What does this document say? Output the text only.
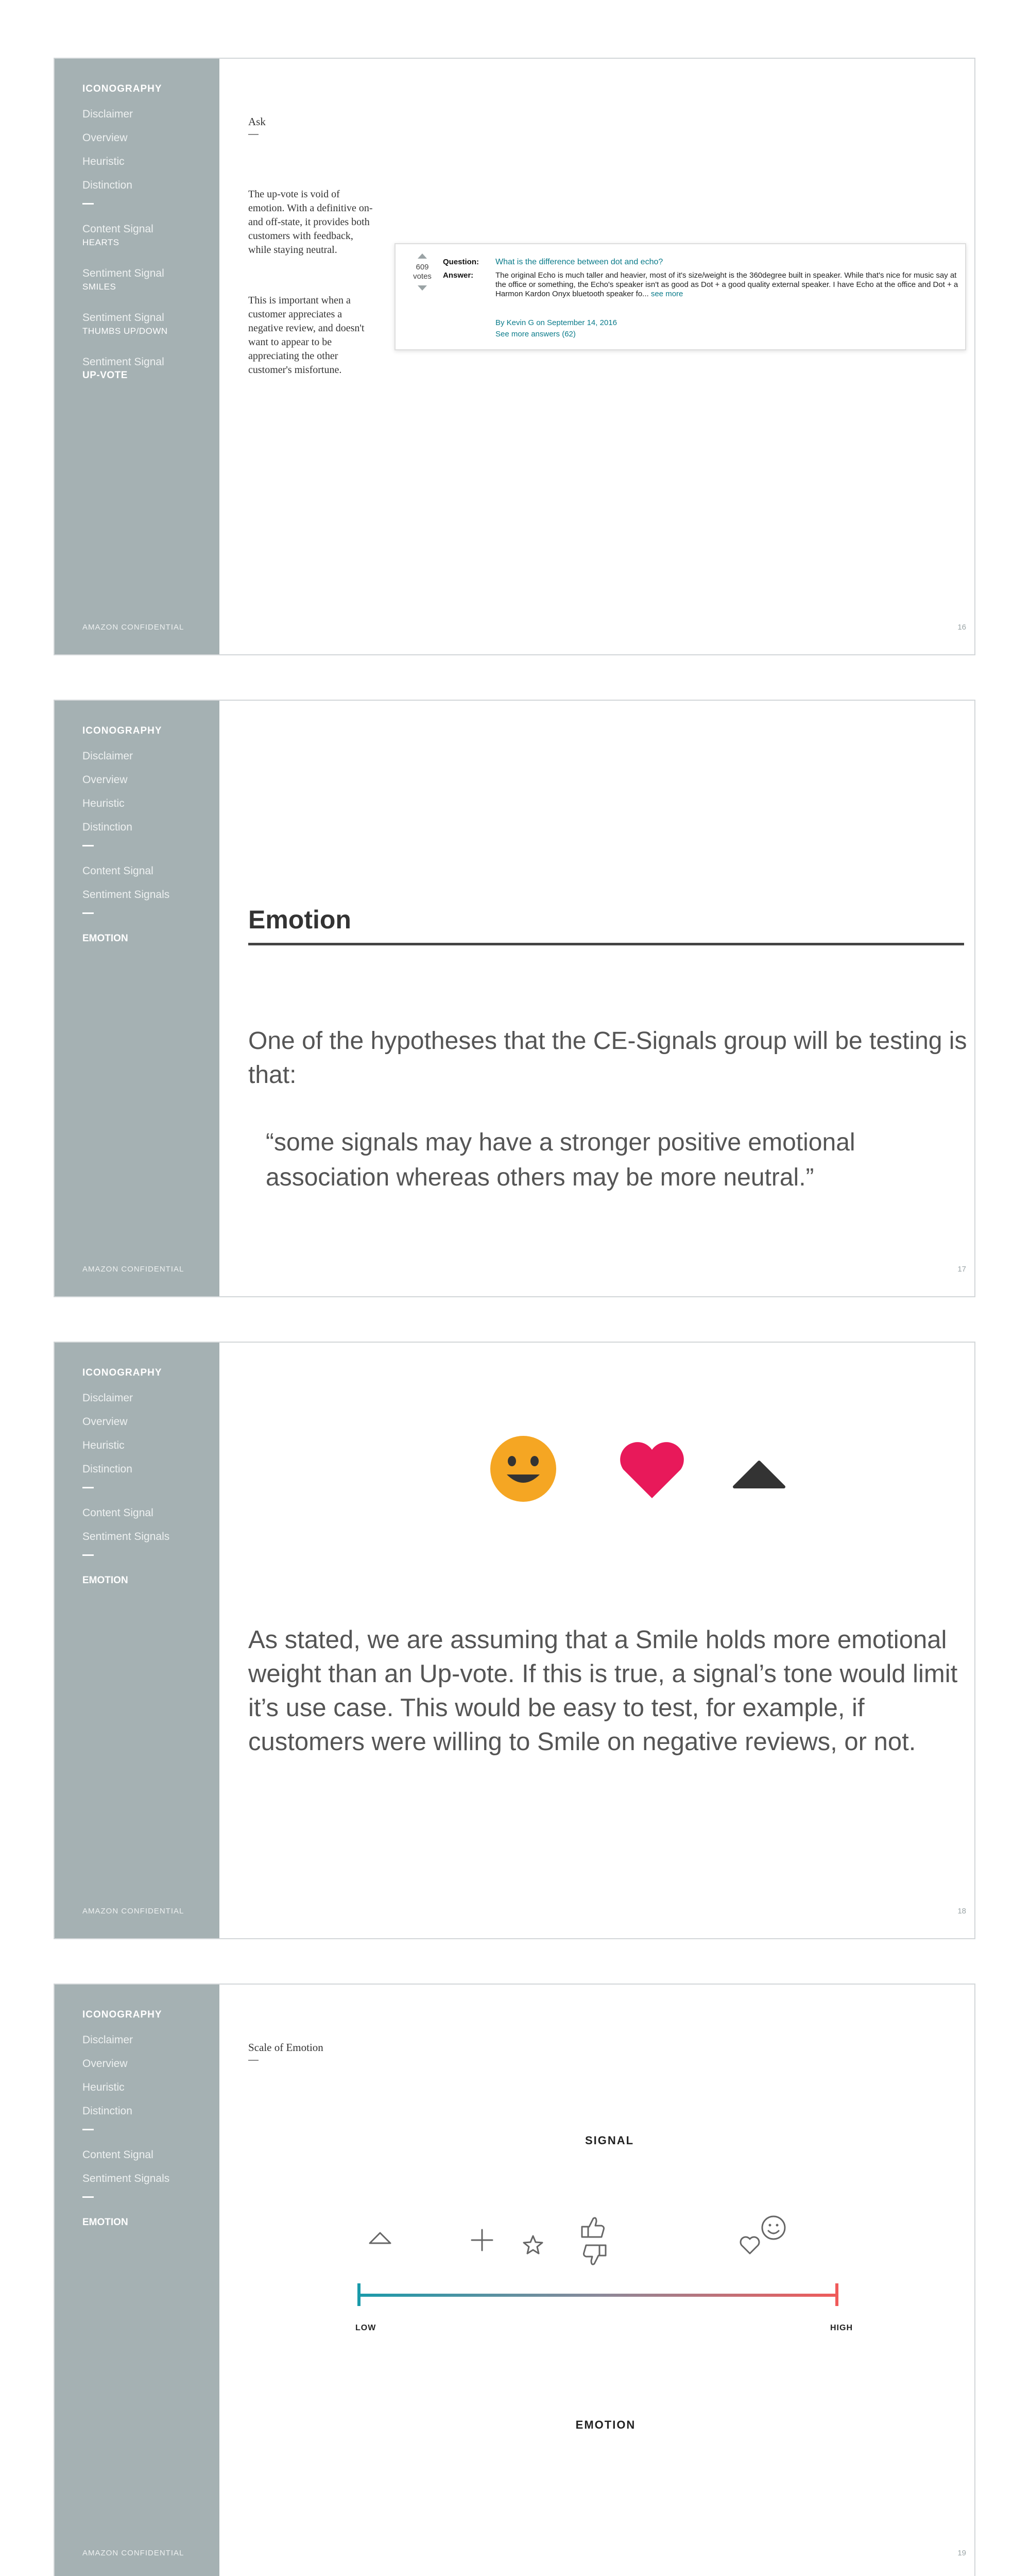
ICONOGRAPHY
Disclaimer
Overview
Heuristic
Distinction
Content Signal
HEARTS
Sentiment Signal
SMILES
Sentiment Signal
THUMBS UP/DOWN
Sentiment Signal
UP-VOTE
AMAZON CONFIDENTIAL
Ask
The up-vote is void of emotion. With a definitive on- and off-state, it provides both customers with feedback, while staying neutral.
This is important when a customer appreciates a negative review, and doesn't want to appear to be appreciating the other customer's misfortune.
609
votes
Question: What is the difference between dot and echo?
Answer:	The original Echo is much taller and heavier, most of it's size/weight is the 360degree built in speaker. While that's nice for music say at the office or something, the Echo's speaker isn't as good as Dot + a good quality external speaker. I have Echo at the office and Dot + a Harmon Kardon Onyx bluetooth speaker fo... see more
By Kevin G on September 14, 2016
See more answers (62)
16
ICONOGRAPHY
Disclaimer
Overview
Heuristic
Distinction
Content Signal
Sentiment Signals
EMOTION
AMAZON CONFIDENTIAL
Emotion
One of the hypotheses that the CE-Signals group will be testing is that:
“some signals may have a stronger positive emotional association whereas others may be more neutral.”
17
ICONOGRAPHY
Disclaimer
Overview
Heuristic
Distinction
Content Signal
Sentiment Signals
EMOTION
AMAZON CONFIDENTIAL
As stated, we are assuming that a Smile holds more emotional weight than an Up-vote. If this is true, a signal’s tone would limit it’s use case. This would be easy to test, for example, if customers were willing to Smile on negative reviews, or not.
18
ICONOGRAPHY
Disclaimer
Overview
Heuristic
Distinction
Content Signal
Sentiment Signals
EMOTION
AMAZON CONFIDENTIAL
Scale of Emotion
SIGNAL
LOW	HIGH
EMOTION
19
